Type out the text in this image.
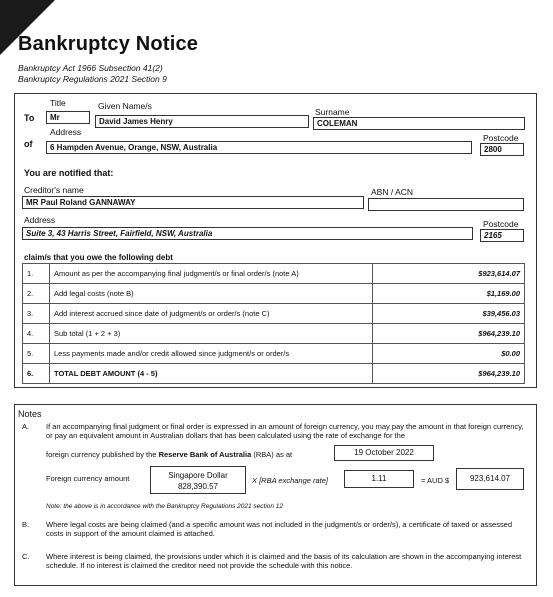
Bankruptcy Notice
Bankruptcy Act 1966 Subsection 41(2)
Bankruptcy Regulations 2021 Section 9
To
Title
Mr
Given Name/s
David James Henry
Surname
COLEMAN
of
Address
6 Hampden Avenue, Orange, NSW, Australia
Postcode
2800
You are notified that:
Creditor's name
MR Paul Roland GANNAWAY
ABN / ACN
Address
Suite 3, 43 Harris Street, Fairfield, NSW, Australia
Postcode
2165
claim/s that you owe the following debt
1.	Amount as per the accompanying final judgment/s or final order/s (note A)	$923,614.07
2.	Add legal costs (note B)	$1,169.00
3.	Add interest accrued since date of judgment/s or order/s (note C)	$39,456.03
4.	Sub total (1 + 2 + 3)	$964,239.10
5.	Less payments made and/or credit allowed since judgment/s or order/s	$0.00
6.	TOTAL DEBT AMOUNT (4 - 5)	$964,239.10
Notes
A. If an accompanying final judgment or final order is expressed in an amount of foreign currency, you may pay the amount in that foreign currency, or pay an equivalent amount in Australian dollars that has been calculated using the rate of exchange for the
foreign currency published by the Reserve Bank of Australia (RBA) as at	19 October 2022
Foreign currency amount	Singapore Dollar
828,390.57
X [RBA exchange rate]	1.11	= AUD $	923,614.07
Note: the above is in accordance with the Bankruptcy Regulations 2021 section 12
B. Where legal costs are being claimed (and a specific amount was not included in the judgment/s or order/s), a certificate of taxed or assessed costs in support of the amount claimed is attached.
C. Where interest is being claimed, the provisions under which it is claimed and the basis of its calculation are shown in the accompanying interest schedule. If no interest is claimed the creditor need not provide the schedule with this notice.
